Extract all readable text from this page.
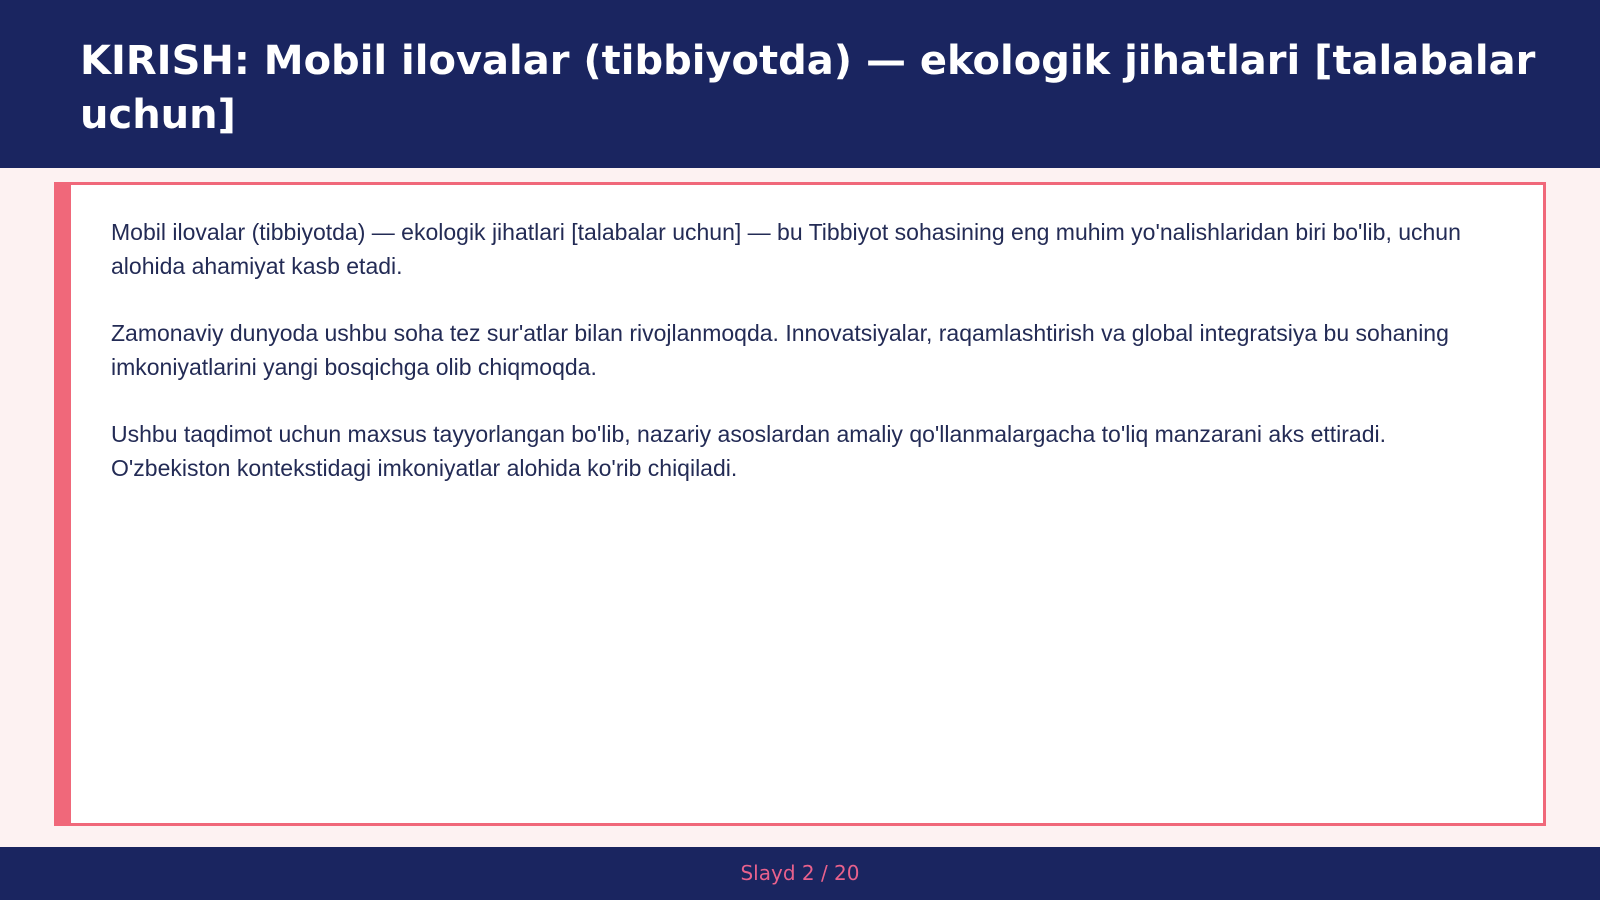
KIRISH: Mobil ilovalar (tibbiyotda) — ekologik jihatlari [talabalar uchun]

Mobil ilovalar (tibbiyotda) — ekologik jihatlari [talabalar uchun] — bu Tibbiyot sohasining eng muhim yo'nalishlaridan biri bo'lib, uchun alohida ahamiyat kasb etadi.

Zamonaviy dunyoda ushbu soha tez sur'atlar bilan rivojlanmoqda. Innovatsiyalar, raqamlashtirish va global integratsiya bu sohaning imkoniyatlarini yangi bosqichga olib chiqmoqda.

Ushbu taqdimot uchun maxsus tayyorlangan bo'lib, nazariy asoslardan amaliy qo'llanmalargacha to'liq manzarani aks ettiradi. O'zbekiston kontekstidagi imkoniyatlar alohida ko'rib chiqiladi.

Slayd 2 / 20
